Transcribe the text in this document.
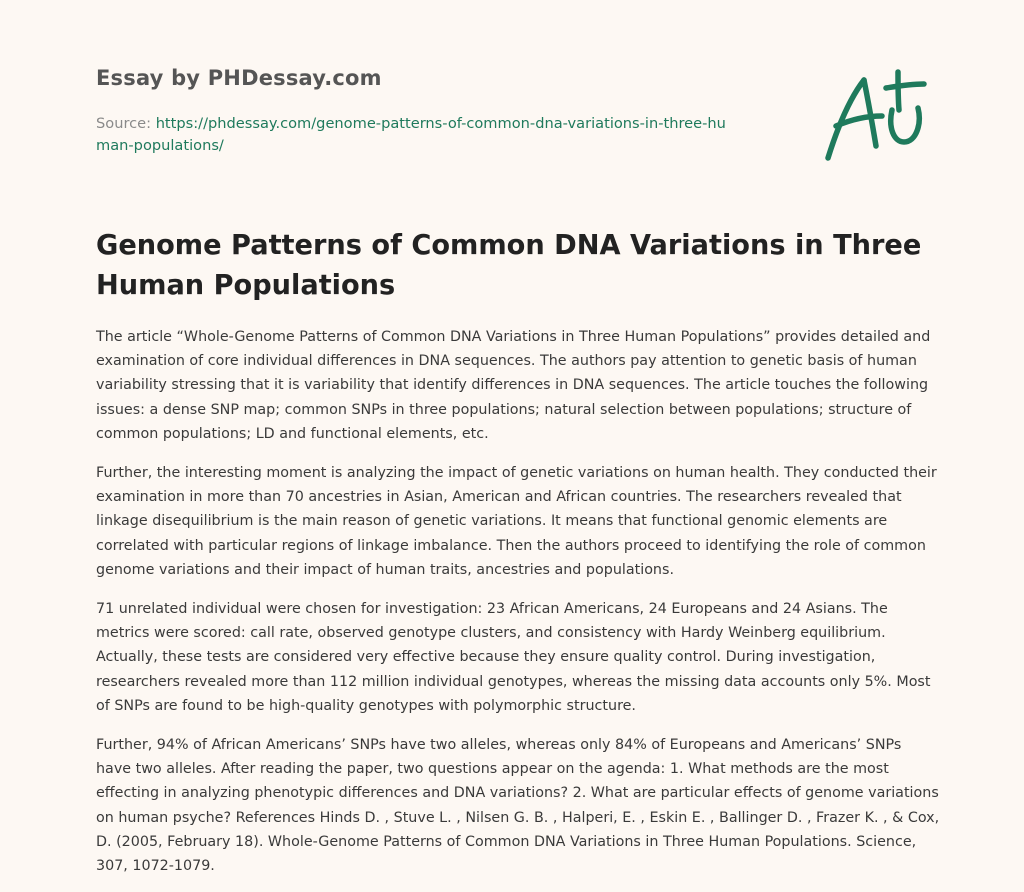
Essay by PHDessay.com
Source: https://phdessay.com/genome-patterns-of-common-dna-variations-in-three-human-populations/
Genome Patterns of Common DNA Variations in Three Human Populations

The article “Whole-Genome Patterns of Common DNA Variations in Three Human Populations” provides detailed and examination of core individual differences in DNA sequences. The authors pay attention to genetic basis of human variability stressing that it is variability that identify differences in DNA sequences. The article touches the following issues: a dense SNP map; common SNPs in three populations; natural selection between populations; structure of common populations; LD and functional elements, etc.

Further, the interesting moment is analyzing the impact of genetic variations on human health. They conducted their examination in more than 70 ancestries in Asian, American and African countries. The researchers revealed that linkage disequilibrium is the main reason of genetic variations. It means that functional genomic elements are correlated with particular regions of linkage imbalance. Then the authors proceed to identifying the role of common genome variations and their impact of human traits, ancestries and populations.

71 unrelated individual were chosen for investigation: 23 African Americans, 24 Europeans and 24 Asians. The metrics were scored: call rate, observed genotype clusters, and consistency with Hardy Weinberg equilibrium. Actually, these tests are considered very effective because they ensure quality control. During investigation, researchers revealed more than 112 million individual genotypes, whereas the missing data accounts only 5%. Most of SNPs are found to be high-quality genotypes with polymorphic structure.

Further, 94% of African Americans’ SNPs have two alleles, whereas only 84% of Europeans and Americans’ SNPs have two alleles. After reading the paper, two questions appear on the agenda: 1. What methods are the most effecting in analyzing phenotypic differences and DNA variations? 2. What are particular effects of genome variations on human psyche? References Hinds D. , Stuve L. , Nilsen G. B. , Halperi, E. , Eskin E. , Ballinger D. , Frazer K. , & Cox, D. (2005, February 18). Whole-Genome Patterns of Common DNA Variations in Three Human Populations. Science, 307, 1072-1079.
